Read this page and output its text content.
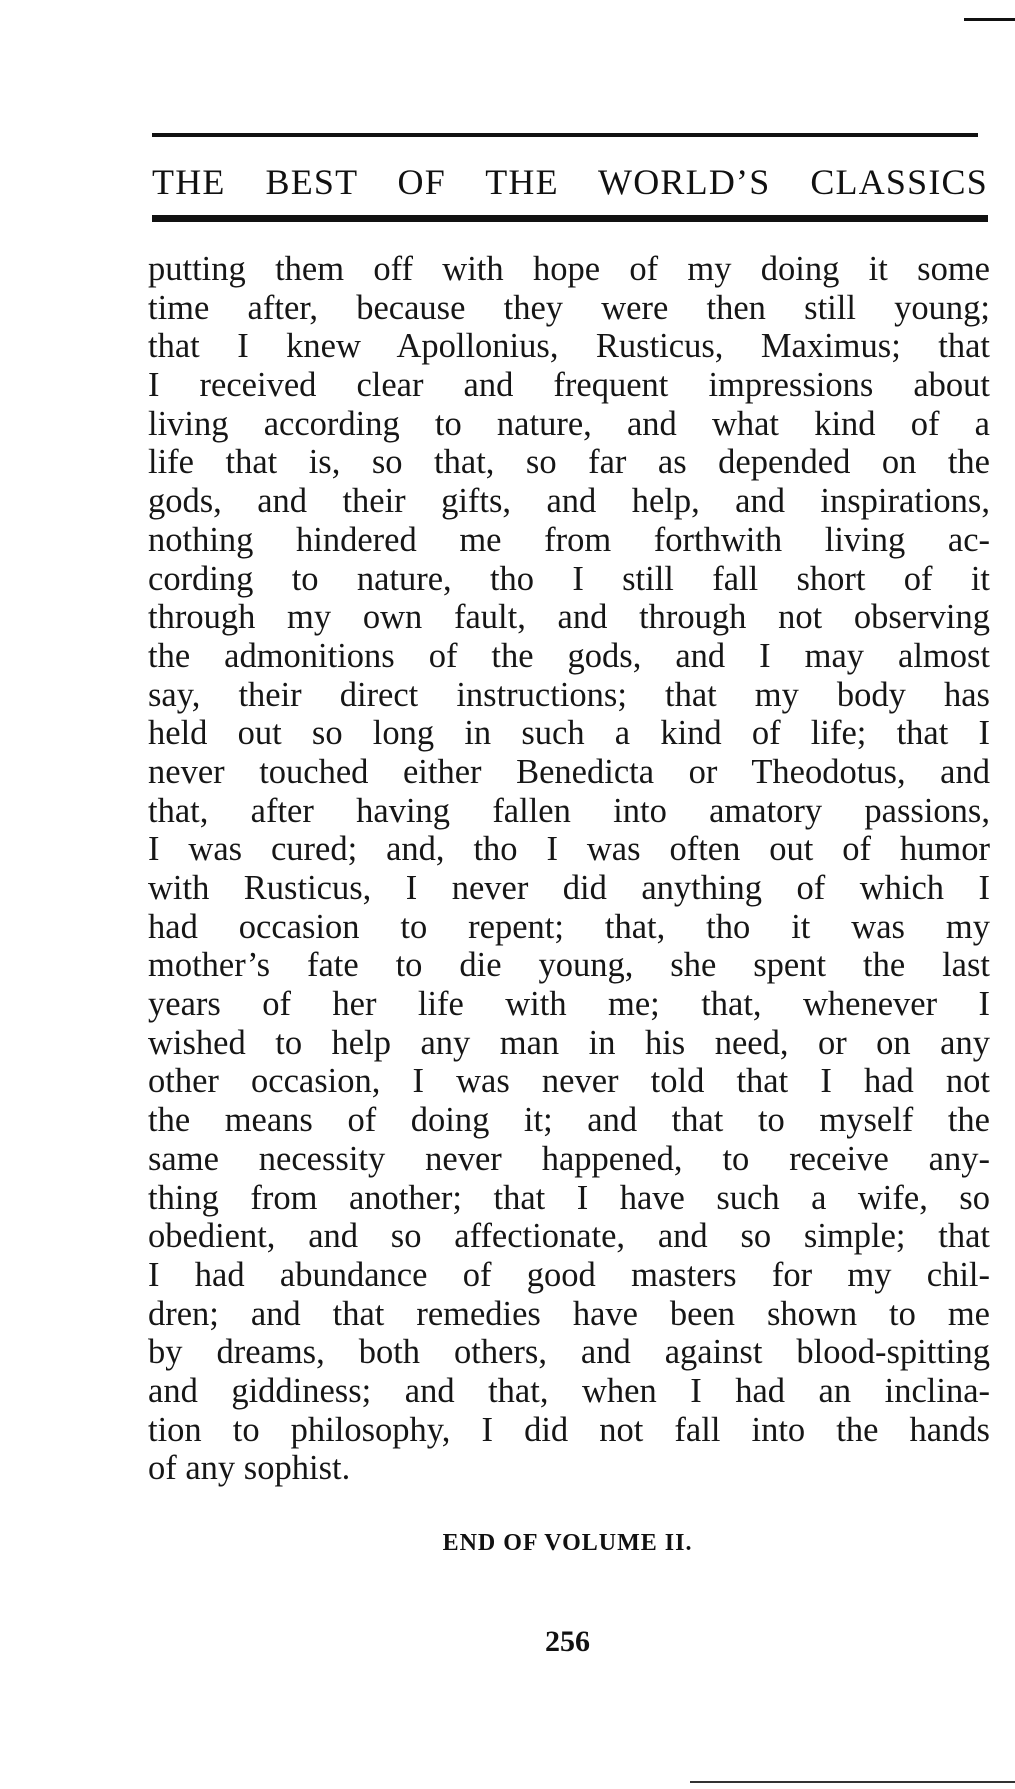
THE BEST OF THE WORLD’S CLASSICS
putting them off with hope of my doing it some
time after, because they were then still young;
that I knew Apollonius, Rusticus, Maximus; that
I received clear and frequent impressions about
living according to nature, and what kind of a
life that is, so that, so far as depended on the
gods, and their gifts, and help, and inspirations,
nothing hindered me from forthwith living ac-
cording to nature, tho I still fall short of it
through my own fault, and through not observing
the admonitions of the gods, and I may almost
say, their direct instructions; that my body has
held out so long in such a kind of life; that I
never touched either Benedicta or Theodotus, and
that, after having fallen into amatory passions,
I was cured; and, tho I was often out of humor
with Rusticus, I never did anything of which I
had occasion to repent; that, tho it was my
mother’s fate to die young, she spent the last
years of her life with me; that, whenever I
wished to help any man in his need, or on any
other occasion, I was never told that I had not
the means of doing it; and that to myself the
same necessity never happened, to receive any-
thing from another; that I have such a wife, so
obedient, and so affectionate, and so simple; that
I had abundance of good masters for my chil-
dren; and that remedies have been shown to me
by dreams, both others, and against blood-spitting
and giddiness; and that, when I had an inclina-
tion to philosophy, I did not fall into the hands
of any sophist.
END OF VOLUME II.
256
